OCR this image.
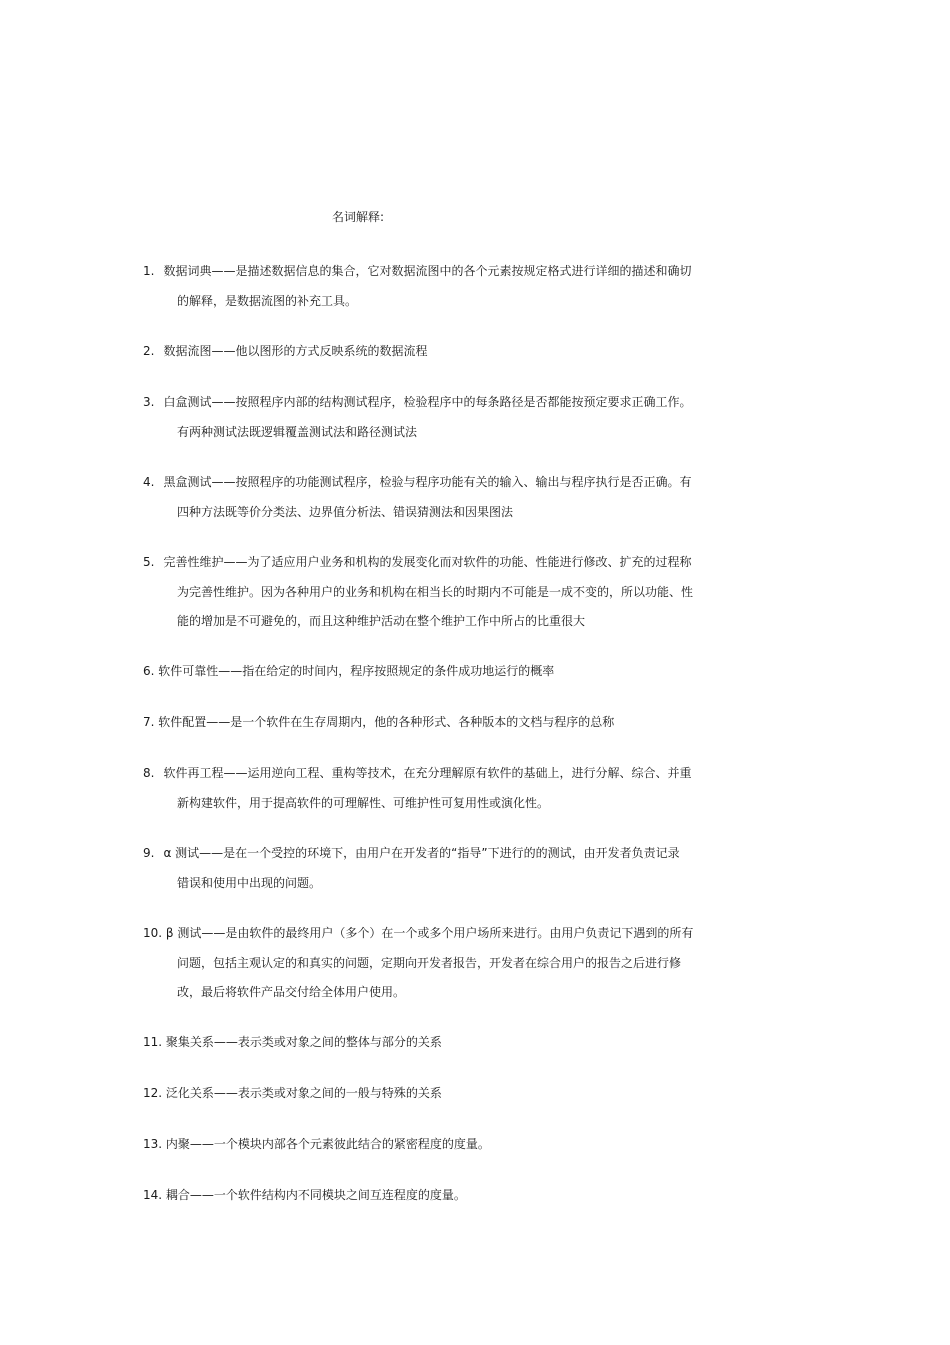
名词解释:
1. 数据词典——是描述数据信息的集合，它对数据流图中的各个元素按规定格式进行详细的描述和确切
的解释，是数据流图的补充工具。
2. 数据流图——他以图形的方式反映系统的数据流程
3. 白盒测试——按照程序内部的结构测试程序，检验程序中的每条路径是否都能按预定要求正确工作。
有两种测试法既逻辑覆盖测试法和路径测试法
4. 黑盒测试——按照程序的功能测试程序，检验与程序功能有关的输入、输出与程序执行是否正确。有
四种方法既等价分类法、边界值分析法、错误猜测法和因果图法
5. 完善性维护——为了适应用户业务和机构的发展变化而对软件的功能、性能进行修改、扩充的过程称
为完善性维护。因为各种用户的业务和机构在相当长的时期内不可能是一成不变的，所以功能、性
能的增加是不可避免的，而且这种维护活动在整个维护工作中所占的比重很大
6. 软件可靠性——指在给定的时间内，程序按照规定的条件成功地运行的概率
7. 软件配置——是一个软件在生存周期内，他的各种形式、各种版本的文档与程序的总称
8. 软件再工程——运用逆向工程、重构等技术，在充分理解原有软件的基础上，进行分解、综合、并重
新构建软件，用于提高软件的可理解性、可维护性可复用性或演化性。
9. α 测试——是在一个受控的环境下，由用户在开发者的“指导”下进行的的测试，由开发者负责记录
错误和使用中出现的问题。
10. β 测试——是由软件的最终用户（多个）在一个或多个用户场所来进行。由用户负责记下遇到的所有
问题，包括主观认定的和真实的问题，定期向开发者报告，开发者在综合用户的报告之后进行修
改，最后将软件产品交付给全体用户使用。
11. 聚集关系——表示类或对象之间的整体与部分的关系
12. 泛化关系——表示类或对象之间的一般与特殊的关系
13. 内聚——一个模块内部各个元素彼此结合的紧密程度的度量。
14. 耦合——一个软件结构内不同模块之间互连程度的度量。
